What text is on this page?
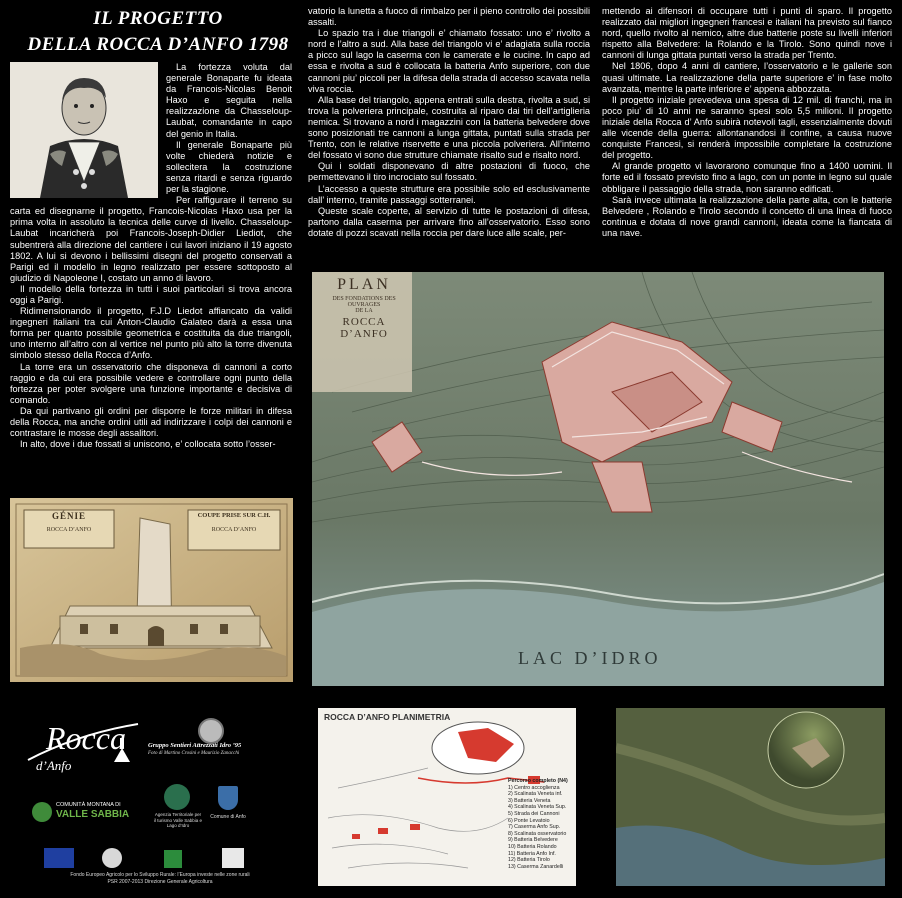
IL PROGETTO
DELLA ROCCA D’ANFO 1798

La fortezza voluta dal generale Bonaparte fu ideata da Francois-Nicolas Benoit Haxo e seguita nella realizzazione da Chasseloup-Laubat, comandante in capo del genio in Italia.

Il generale Bonaparte più volte chiederà notizie e sollecitera la costruzione senza ritardi e senza riguardo per la stagione.

Per raffigurare il terreno su carta ed disegnarne il progetto, Francois-Nicolas Haxo usa per la prima volta in assoluto la tecnica delle curve di livello. Chasseloup-Laubat incaricherà poi Francois-Joseph-Didier Liediot, che subentrerà alla direzione del cantiere i cui lavori iniziano il 19 agosto 1802. A lui si devono i bellissimi disegni del progetto conservati a Parigi ed il modello in legno realizzato per essere sottoposto al giudizio di Napoleone I, costato un anno di lavoro.

Il modello della fortezza in tutti i suoi particolari si trova ancora oggi a Parigi.

Ridimensionando il progetto, F.J.D Liedot affiancato da validi ingegneri italiani tra cui Anton-Claudio Galateo darà a essa una forma per quanto possibile geometrica e costituita da due triangoli, uno interno all’altro con al vertice nel punto più alto la torre divenuta simbolo stesso della Rocca d’Anfo.

La torre era un osservatorio che disponeva di cannoni a corto raggio e da cui era possibile vedere e controllare ogni punto della fortezza per poter svolgere una funzione importante e decisiva di comando.

Da qui partivano gli ordini per disporre le forze militari in difesa della Rocca, ma anche ordini utili ad indirizzare i colpi dei cannoni e contrastare le mosse degli assalitori.

In alto, dove i due fossati si uniscono, e’ collocata sotto l’osser-

vatorio la lunetta a fuoco di rimbalzo per il pieno controllo dei possibili assalti.

Lo spazio tra i due triangoli e’ chiamato fossato: uno e’ rivolto a nord e l’altro a sud. Alla base del triangolo vi e’ adagiata sulla roccia a picco sul lago la caserma con le camerate e le cucine. In capo ad essa e rivolta a sud è collocata la batteria Anfo superiore, con due cannoni piu’ piccoli per la difesa della strada di accesso scavata nella viva roccia.

Alla base del triangolo, appena entrati sulla destra, rivolta a sud, si trova la polveriera principale, costruita al riparo dai tiri dell’artiglieria nemica. Si trovano a nord i magazzini con la batteria belvedere dove sono posizionati tre cannoni a lunga gittata, puntati sulla strada per Trento, con le relative riservette e una piccola polveriera. All’interno del fossato vi sono due strutture chiamate risalto sud e risalto nord.

Qui i soldati disponevano di altre postazioni di fuoco, che permettevano il tiro incrociato sul fossato.

L’accesso a queste strutture era possibile solo ed esclusivamente dall’ interno, tramite passaggi sotterranei.

Queste scale coperte, al servizio di tutte le postazioni di difesa, partono dalla caserma per arrivare fino all’osservatorio. Esso sono dotate di pozzi scavati nella roccia per dare luce alle scale, per-

mettendo ai difensori di occupare tutti i punti di sparo. Il progetto realizzato dai migliori ingegneri francesi e italiani ha previsto sul fianco nord, quello rivolto al nemico, altre due batterie poste su livelli inferiori rispetto alla Belvedere: la Rolando e la Tirolo. Sono quindi nove i cannoni di lunga gittata puntati verso la strada per Trento.

Nel 1806, dopo 4 anni di cantiere, l’osservatorio e le gallerie son quasi ultimate. La realizzazione della parte superiore e’ in fase molto avanzata, mentre la parte inferiore e’ appena abbozzata.

Il progetto iniziale prevedeva una spesa di 12 mil. di franchi, ma in poco piu’ di 10 anni ne saranno spesi solo 5,5 milioni. Il progetto iniziale della Rocca d’ Anfo subirà notevoli tagli, essenzialmente dovuti alle vicende della guerra: allontanandosi il confine, a causa nuove conquiste Francesi, si renderà impossibile completare la costruzione del progetto.

Al grande progetto vi lavorarono comunque fino a 1400 uomini. Il forte ed il fossato previsto fino a lago, con un ponte in legno sul quale obbligare il passaggio della strada, non saranno edificati.

Sarà invece ultimata la realizzazione della parte alta, con le batterie Belvedere , Rolando e Tirolo secondo il concetto di una linea di fuoco continua e dotata di nove grandi cannoni, ideata come la fiancata di una nave.

GÉNIE
ROCCA D’ANFO
COUPE PRISE SUR C.H.
ROCCA D’ANFO
PLAN
DES FONDATIONS DES OUVRAGES
DE LA
ROCCA D’ANFO
LAC D’IDRO
Rocca
d’Anfo
Gruppo Sentieri Attrezzati Idro ’95
Foto di Martino Crosini e Maurizio Zanacchi
COMUNITÀ MONTANA DI
VALLE SABBIA	Agenzia Territoriale per il turismo Valle Sabbia e Lago d’Idro
Comune di Anfo
Fondo Europeo Agricolo per lo Sviluppo Rurale: l’Europa investe nelle zone rurali
PSR 2007-2013 Direzione Generale Agricoltura
ROCCA D’ANFO PLANIMETRIA
Percorso completo (N4)
1) Centro accoglienza
2) Scalinata Veneta inf.
3) Batteria Veneta
4) Scalinata Veneta Sup.
5) Strada dei Cannoni
6) Ponte Levatoio
7) Caserma Anfo Sup.
8) Scalinata osservatorio
9) Batteria Belvedere
10) Batteria Rolando
11) Batteria Anfo Inf.
12) Batteria Tirolo
13) Caserma Zanardelli
